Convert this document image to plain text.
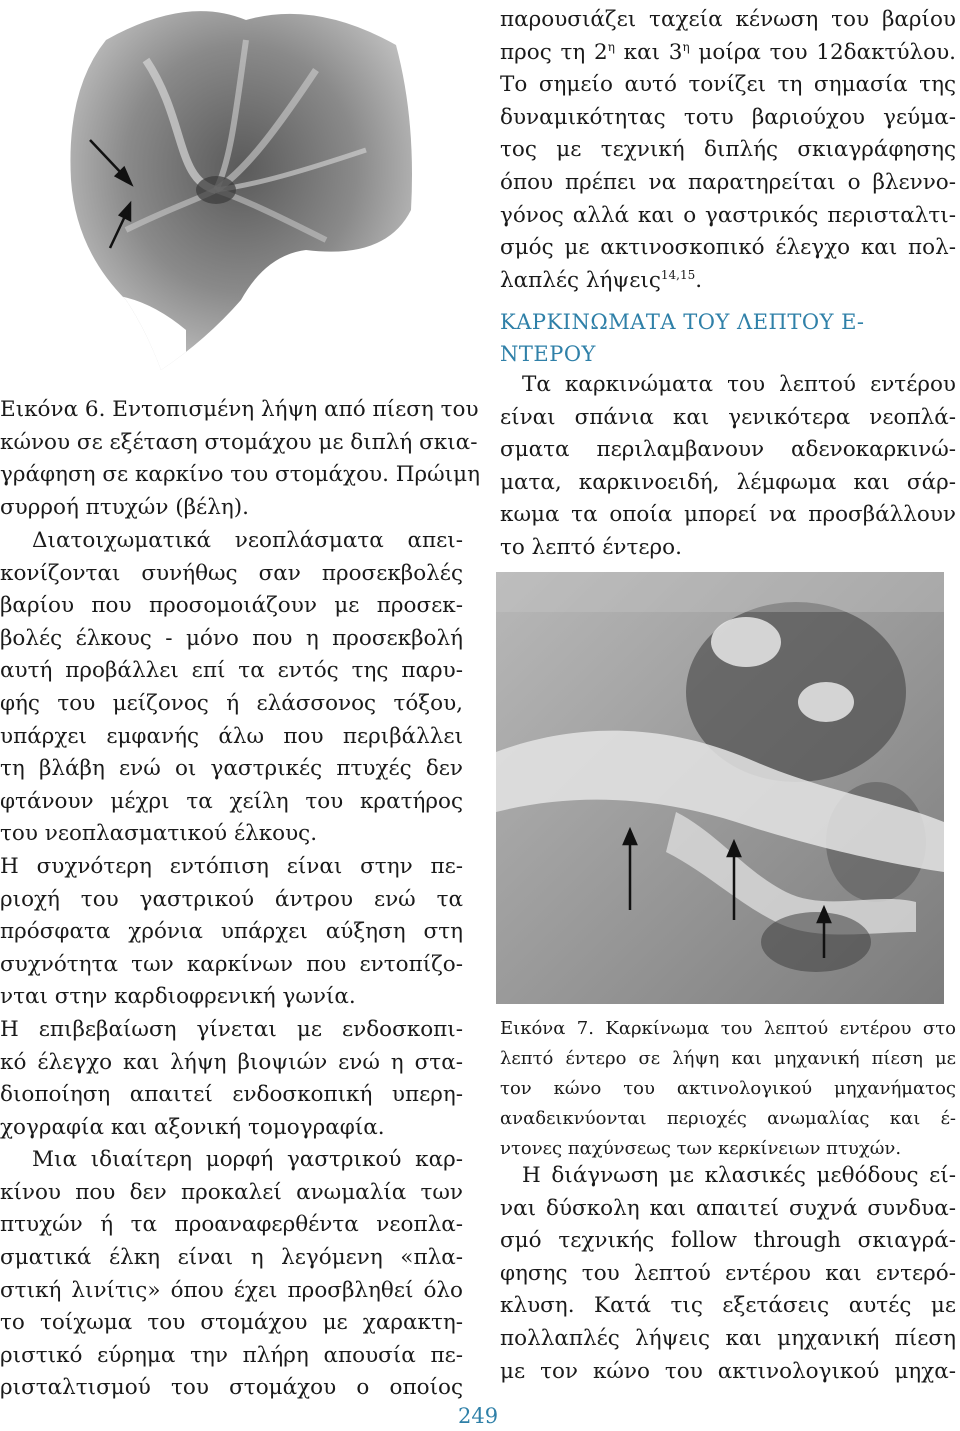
Εικόνα 6. Εντοπισμένη λήψη από πίεση του
κώνου σε εξέταση στομάχου με διπλή σκια-
γράφηση σε καρκίνο του στομάχου. Πρώιμη
συρροή πτυχών (βέλη).

Διατοιχωματικά νεοπλάσματα απει-
κονίζονται συνήθως σαν προσεκβολές
βαρίου που προσομοιάζουν με προσεκ-
βολές έλκους - μόνο που η προσεκβολή
αυτή προβάλλει επί τα εντός της παρυ-
φής του μείζονος ή ελάσσονος τόξου,
υπάρχει εμφανής άλω που περιβάλλει
τη βλάβη ενώ οι γαστρικές πτυχές δεν
φτάνουν μέχρι τα χείλη του κρατήρος
του νεοπλασματικού έλκους.

Η συχνότερη εντόπιση είναι στην πε-
ριοχή του γαστρικού άντρου ενώ τα
πρόσφατα χρόνια υπάρχει αύξηση στη
συχνότητα των καρκίνων που εντοπίζο-
νται στην καρδιοφρενική γωνία.

Η επιβεβαίωση γίνεται με ενδοσκοπι-
κό έλεγχο και λήψη βιοψιών ενώ η στα-
διοποίηση απαιτεί ενδοσκοπική υπερη-
χογραφία και αξονική τομογραφία.

Μια ιδιαίτερη μορφή γαστρικού καρ-
κίνου που δεν προκαλεί ανωμαλία των
πτυχών ή τα προαναφερθέντα νεοπλα-
σματικά έλκη είναι η λεγόμενη «πλα-
στική λινίτις» όπου έχει προσβληθεί όλο
το τοίχωμα του στομάχου με χαρακτη-
ριστικό εύρημα την πλήρη απουσία πε-
ρισταλτισμού του στομάχου ο οποίος

παρουσιάζει ταχεία κένωση του βαρίου
προς τη $2^\eta$ και $3^\eta$ μοίρα του 12δακτύλου.
Το σημείο αυτό τονίζει τη σημασία της
δυναμικότητας τοτυ βαριούχου γεύμα-
τος με τεχνική διπλής σκιαγράφησης
όπου πρέπει να παρατηρείται ο βλεννο-
γόνος αλλά και ο γαστρικός περισταλτι-
σμός με ακτινοσκοπικό έλεγχο και πολ-
λαπλές λήψεις$^{14,15}$.

ΚΑΡΚΙΝΩΜΑΤΑ ΤΟΥ ΛΕΠΤΟΥ Ε-
ΝΤΕΡΟΥ

Τα καρκινώματα του λεπτού εντέρου
είναι σπάνια και γενικότερα νεοπλά-
σματα περιλαμβανουν αδενοκαρκινώ-
ματα, καρκινοειδή, λέμφωμα και σάρ-
κωμα τα οποία μπορεί να προσβάλλουν
το λεπτό έντερο.

Εικόνα 7. Καρκίνωμα του λεπτού εντέρου στο
λεπτό έντερο σε λήψη και μηχανική πίεση με
τον κώνο του ακτινολογικού μηχανήματος
αναδεικνύονται περιοχές ανωμαλίας και έ-
ντονες παχύνσεως των κερκίνειων πτυχών.

Η διάγνωση με κλασικές μεθόδους εί-
ναι δύσκολη και απαιτεί συχνά συνδυα-
σμό τεχνικής follow through σκιαγρά-
φησης του λεπτού εντέρου και εντερό-
κλυση. Κατά τις εξετάσεις αυτές με
πολλαπλές λήψεις και μηχανική πίεση
με τον κώνο του ακτινολογικού μηχα-

249
